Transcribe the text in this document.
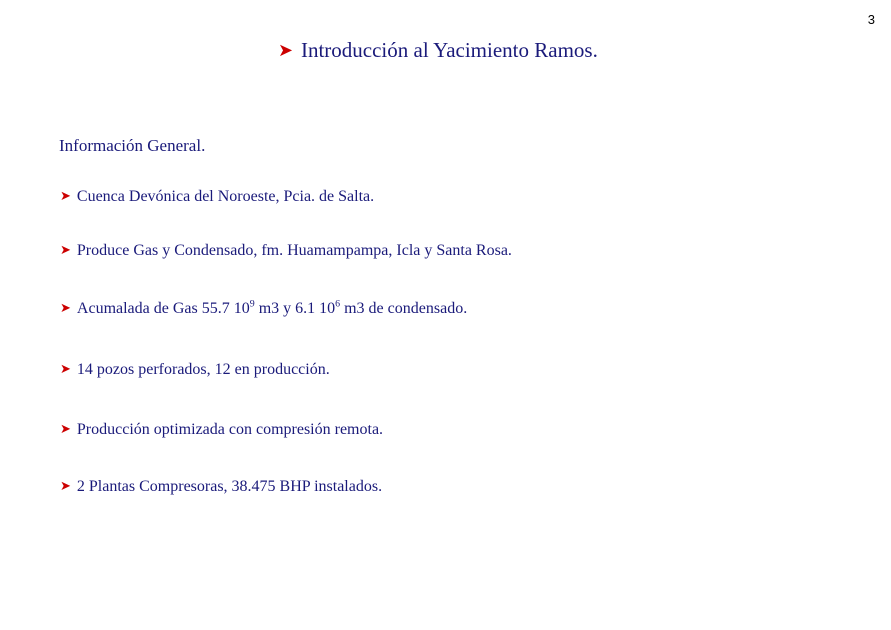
3
➤ Introducción al Yacimiento Ramos.
Información General.
➤ Cuenca Devónica del Noroeste, Pcia. de Salta.
➤ Produce Gas y Condensado, fm. Huamampampa, Icla y Santa Rosa.
➤ Acumalada de Gas 55.7 $10^9$ m3 y 6.1 $10^6$ m3 de condensado.
➤ 14 pozos perforados, 12 en producción.
➤ Producción optimizada con compresión remota.
➤ 2 Plantas Compresoras, 38.475 BHP instalados.
